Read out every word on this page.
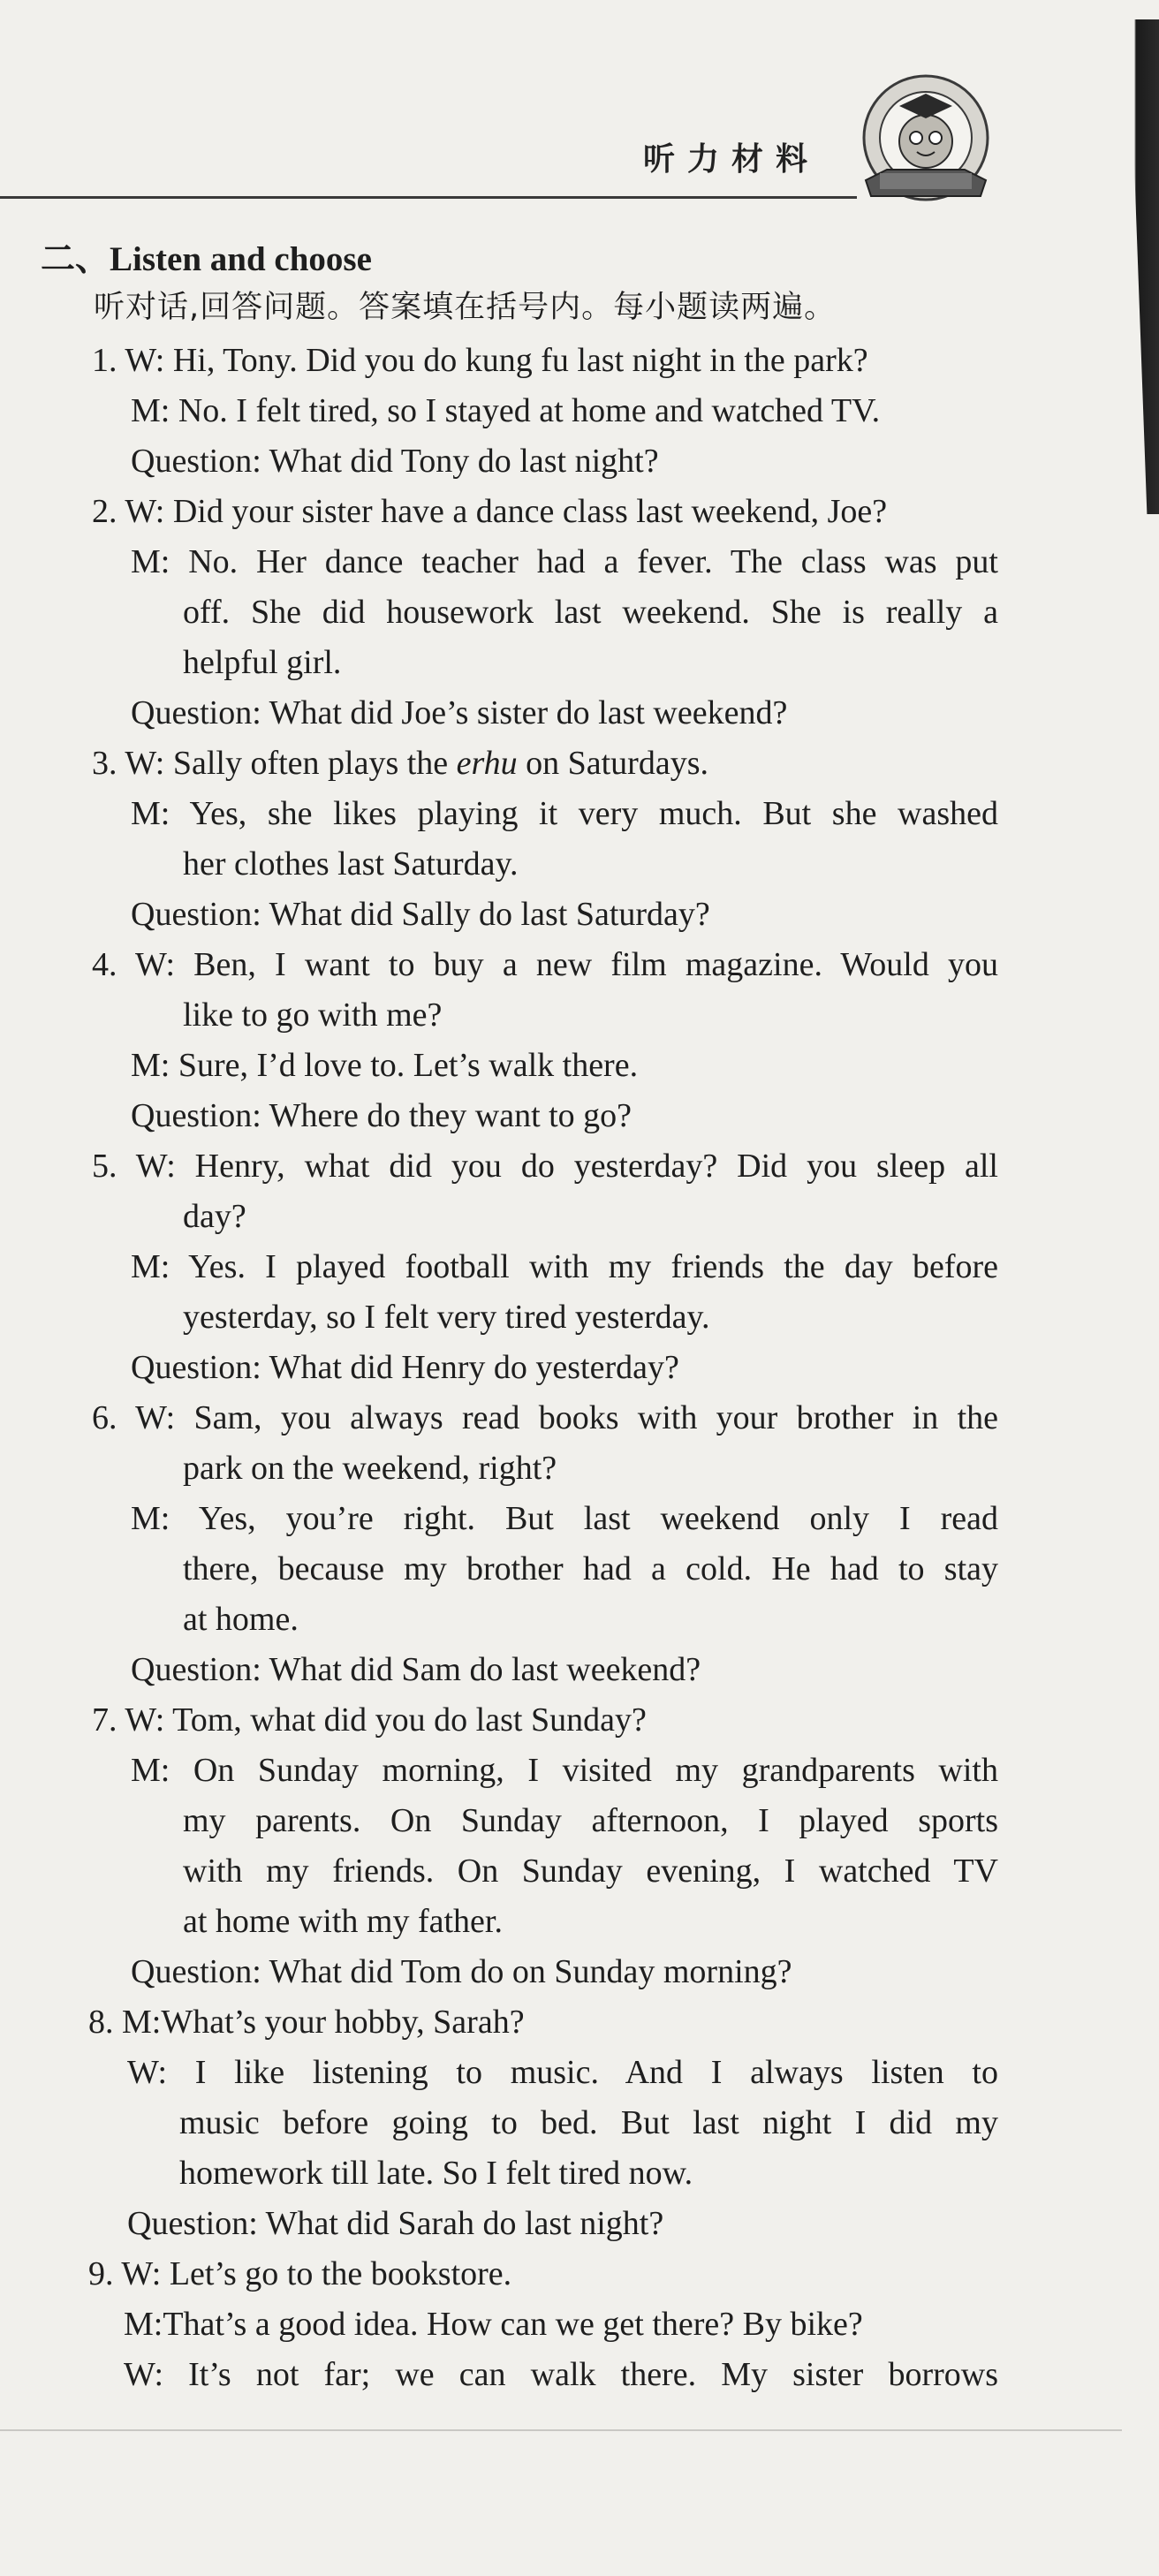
听力材料
二、Listen and choose
听对话,回答问题。答案填在括号内。每小题读两遍。
1. W: Hi, Tony. Did you do kung fu last night in the park?
M: No. I felt tired, so I stayed at home and watched TV.
Question: What did Tony do last night?
2. W: Did your sister have a dance class last weekend, Joe?
M: No. Her dance teacher had a fever. The class was put
off. She did housework last weekend. She is really a
helpful girl.
Question: What did Joe’s sister do last weekend?
3. W: Sally often plays the erhu on Saturdays.
M: Yes, she likes playing it very much. But she washed
her clothes last Saturday.
Question: What did Sally do last Saturday?
4. W: Ben, I want to buy a new film magazine. Would you
like to go with me?
M: Sure, I’d love to. Let’s walk there.
Question: Where do they want to go?
5. W: Henry, what did you do yesterday? Did you sleep all
day?
M: Yes. I played football with my friends the day before
yesterday, so I felt very tired yesterday.
Question: What did Henry do yesterday?
6. W: Sam, you always read books with your brother in the
park on the weekend, right?
M: Yes, you’re right. But last weekend only I read
there, because my brother had a cold. He had to stay
at home.
Question: What did Sam do last weekend?
7. W: Tom, what did you do last Sunday?
M: On Sunday morning, I visited my grandparents with
my parents. On Sunday afternoon, I played sports
with my friends. On Sunday evening, I watched TV
at home with my father.
Question: What did Tom do on Sunday morning?
8. M:What’s your hobby, Sarah?
W: I like listening to music. And I always listen to
music before going to bed. But last night I did my
homework till late. So I felt tired now.
Question: What did Sarah do last night?
9. W: Let’s go to the bookstore.
M:That’s a good idea. How can we get there? By bike?
W: It’s not far; we can walk there. My sister borrows
